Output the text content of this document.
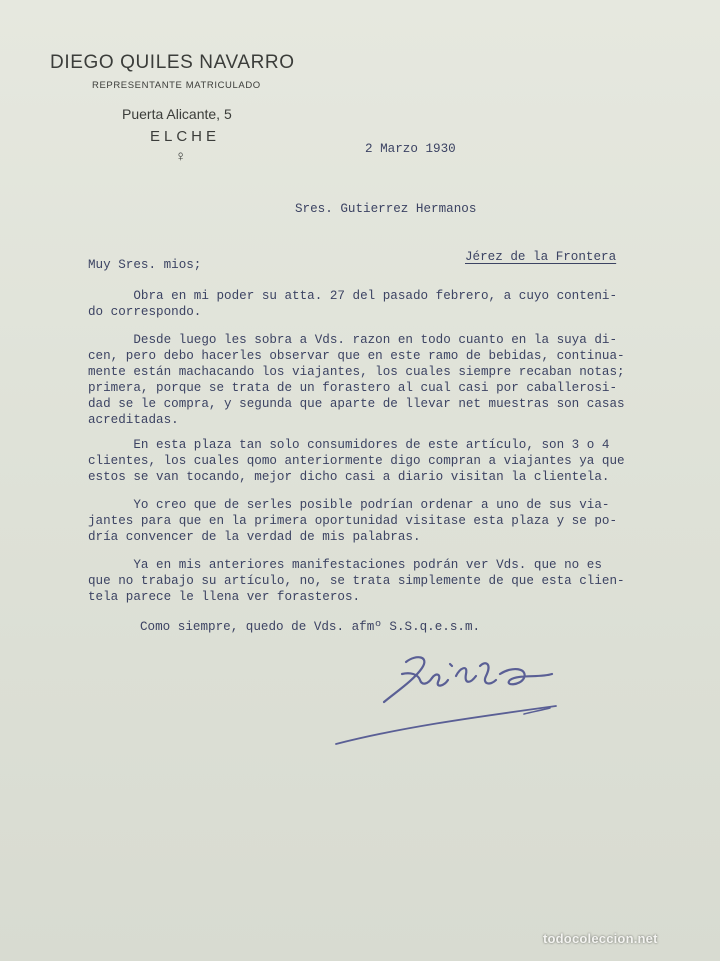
DIEGO QUILES NAVARRO
REPRESENTANTE MATRICULADO
Puerta Alicante, 5
ELCHE
♀	2 Marzo 1930
Sres. Gutierrez Hermanos
Jérez de la Frontera
Muy Sres. mios;
Obra en mi poder su atta. 27 del pasado febrero, a cuyo conteni-
do correspondo.
Desde luego les sobra a Vds. razon en todo cuanto en la suya di-
cen, pero debo hacerles observar que en este ramo de bebidas, continua-
mente están machacando los viajantes, los cuales siempre recaban notas;
primera, porque se trata de un forastero al cual casi por caballerosi-
dad se le compra, y segunda que aparte de llevar net muestras son casas
acreditadas.
En esta plaza tan solo consumidores de este artículo, son 3 o 4
clientes, los cuales qomo anteriormente digo compran a viajantes ya que
estos se van tocando, mejor dicho casi a diario visitan la clientela.
Yo creo que de serles posible podrían ordenar a uno de sus via-
jantes para que en la primera oportunidad visitase esta plaza y se po-
dría convencer de la verdad de mis palabras.
Ya en mis anteriores manifestaciones podrán ver Vds. que no es
que no trabajo su artículo, no, se trata simplemente de que esta clien-
tela parece le llena ver forasteros.
Como siempre, quedo de Vds. afmº S.S.q.e.s.m.
todocoleccion.net
